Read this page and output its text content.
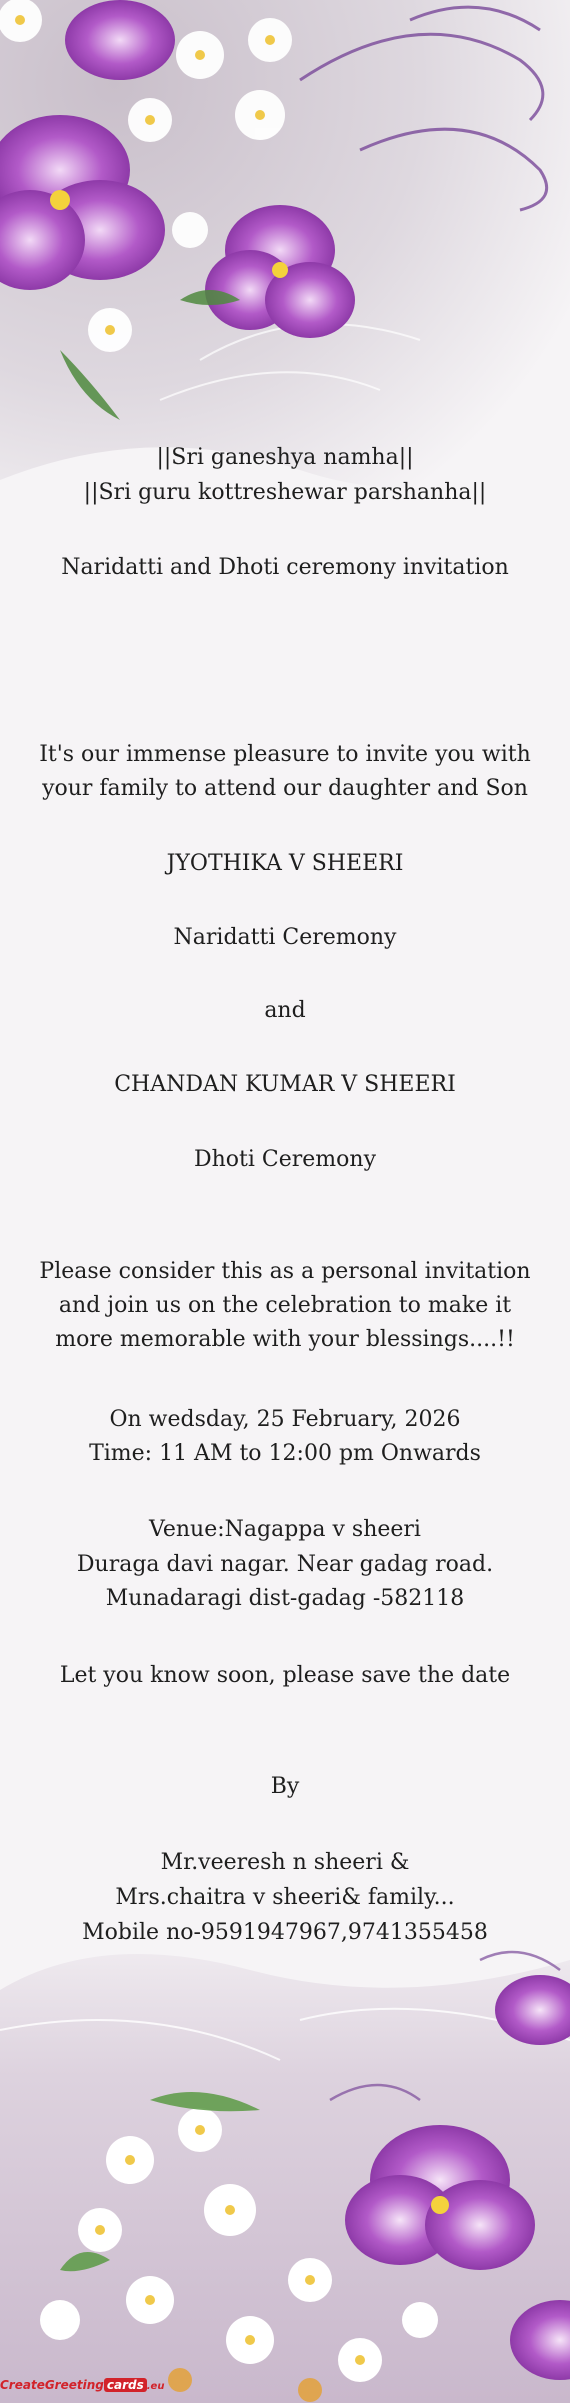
||Sri ganeshya namha||
||Sri guru kottreshewar parshanha||
Naridatti and Dhoti ceremony invitation
It's our immense pleasure to invite you with your family to attend our daughter and Son
JYOTHIKA V SHEERI
Naridatti Ceremony
and
CHANDAN KUMAR V SHEERI
Dhoti Ceremony
Please consider this as a personal invitation and join us on the celebration to make it more memorable with your blessings....!!
On wedsday, 25 February, 2026
Time: 11 AM to 12:00 pm Onwards
Venue:Nagappa v sheeri
Duraga davi nagar. Near gadag road. Munadaragi dist-gadag -582118
Let you know soon, please save the date
By
Mr.veeresh n sheeri &
Mrs.chaitra v sheeri& family...
Mobile no-9591947967,9741355458
CreateGreeting cards .eu
